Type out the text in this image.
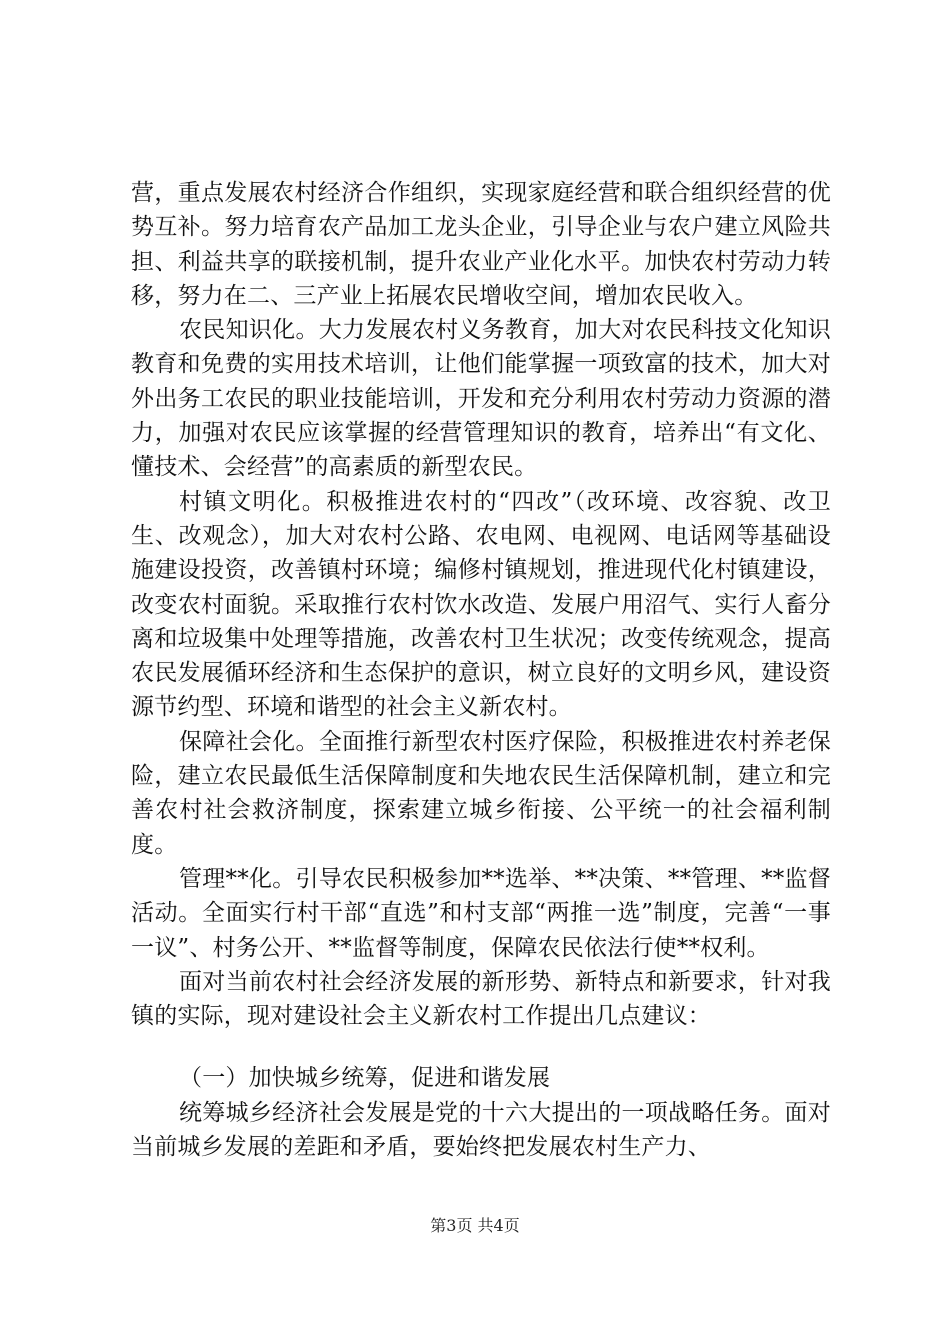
营，重点发展农村经济合作组织，实现家庭经营和联合组织经营的优势互补。努力培育农产品加工龙头企业，引导企业与农户建立风险共担、利益共享的联接机制，提升农业产业化水平。加快农村劳动力转移，努力在二、三产业上拓展农民增收空间，增加农民收入。

农民知识化。大力发展农村义务教育，加大对农民科技文化知识教育和免费的实用技术培训，让他们能掌握一项致富的技术，加大对外出务工农民的职业技能培训，开发和充分利用农村劳动力资源的潜力，加强对农民应该掌握的经营管理知识的教育，培养出“有文化、懂技术、会经营”的高素质的新型农民。

村镇文明化。积极推进农村的“四改”（改环境、改容貌、改卫生、改观念），加大对农村公路、农电网、电视网、电话网等基础设施建设投资，改善镇村环境；编修村镇规划，推进现代化村镇建设，改变农村面貌。采取推行农村饮水改造、发展户用沼气、实行人畜分离和垃圾集中处理等措施，改善农村卫生状况；改变传统观念，提高农民发展循环经济和生态保护的意识，树立良好的文明乡风，建设资源节约型、环境和谐型的社会主义新农村。

保障社会化。全面推行新型农村医疗保险，积极推进农村养老保险，建立农民最低生活保障制度和失地农民生活保障机制，建立和完善农村社会救济制度，探索建立城乡衔接、公平统一的社会福利制度。

管理**化。引导农民积极参加**选举、**决策、**管理、**监督活动。全面实行村干部“直选”和村支部“两推一选”制度，完善“一事一议”、村务公开、**监督等制度，保障农民依法行使**权利。

面对当前农村社会经济发展的新形势、新特点和新要求，针对我镇的实际，现对建设社会主义新农村工作提出几点建议：

（一）加快城乡统筹，促进和谐发展

统筹城乡经济社会发展是党的十六大提出的一项战略任务。面对当前城乡发展的差距和矛盾，要始终把发展农村生产力、

第3页 共4页
